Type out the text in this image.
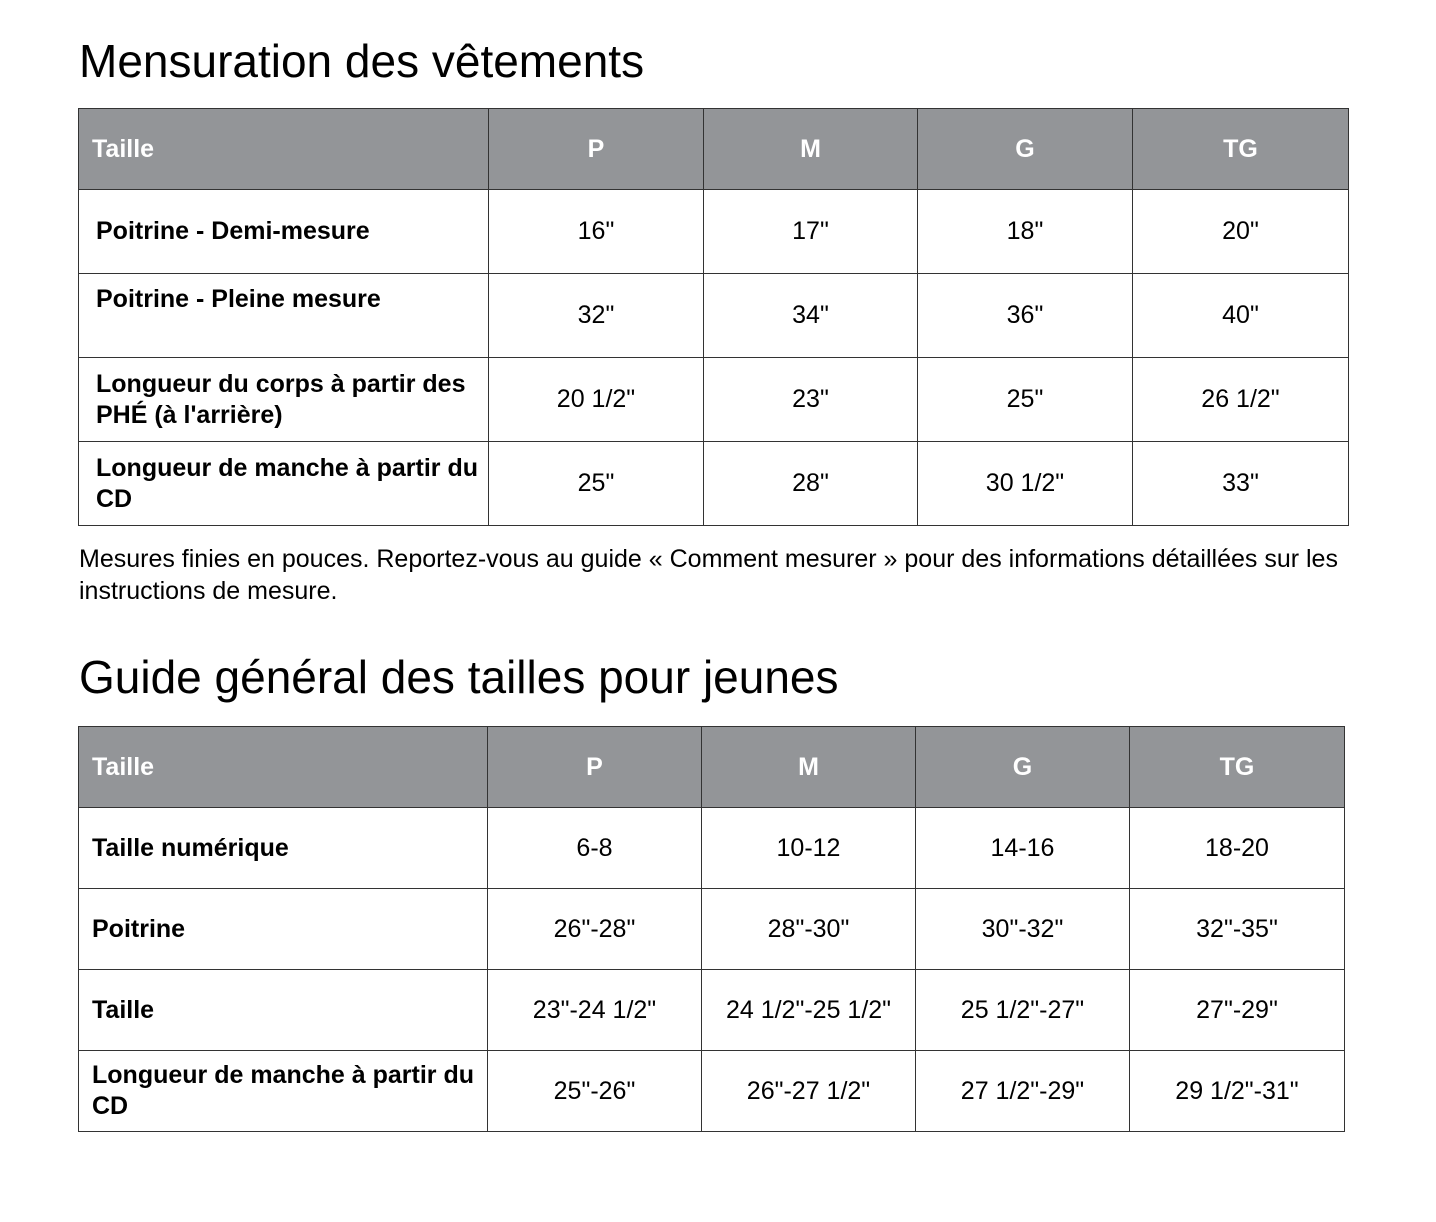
Mensuration des vêtements
Taille	P	M	G	TG
Poitrine - Demi-mesure	16"	17"	18"	20"
Poitrine - Pleine mesure	32"	34"	36"	40"
Longueur du corps à partir des PHÉ (à l'arrière)	20 1/2"	23"	25"	26 1/2"
Longueur de manche à partir du CD	25"	28"	30 1/2"	33"

Mesures finies en pouces. Reportez-vous au guide « Comment mesurer » pour des informations détaillées sur les instructions de mesure.

Guide général des tailles pour jeunes
Taille	P	M	G	TG
Taille numérique	6-8	10-12	14-16	18-20
Poitrine	26"-28"	28"-30"	30"-32"	32"-35"
Taille	23"-24 1/2"	24 1/2"-25 1/2"	25 1/2"-27"	27"-29"
Longueur de manche à partir du CD	25"-26"	26"-27 1/2"	27 1/2"-29"	29 1/2"-31"
